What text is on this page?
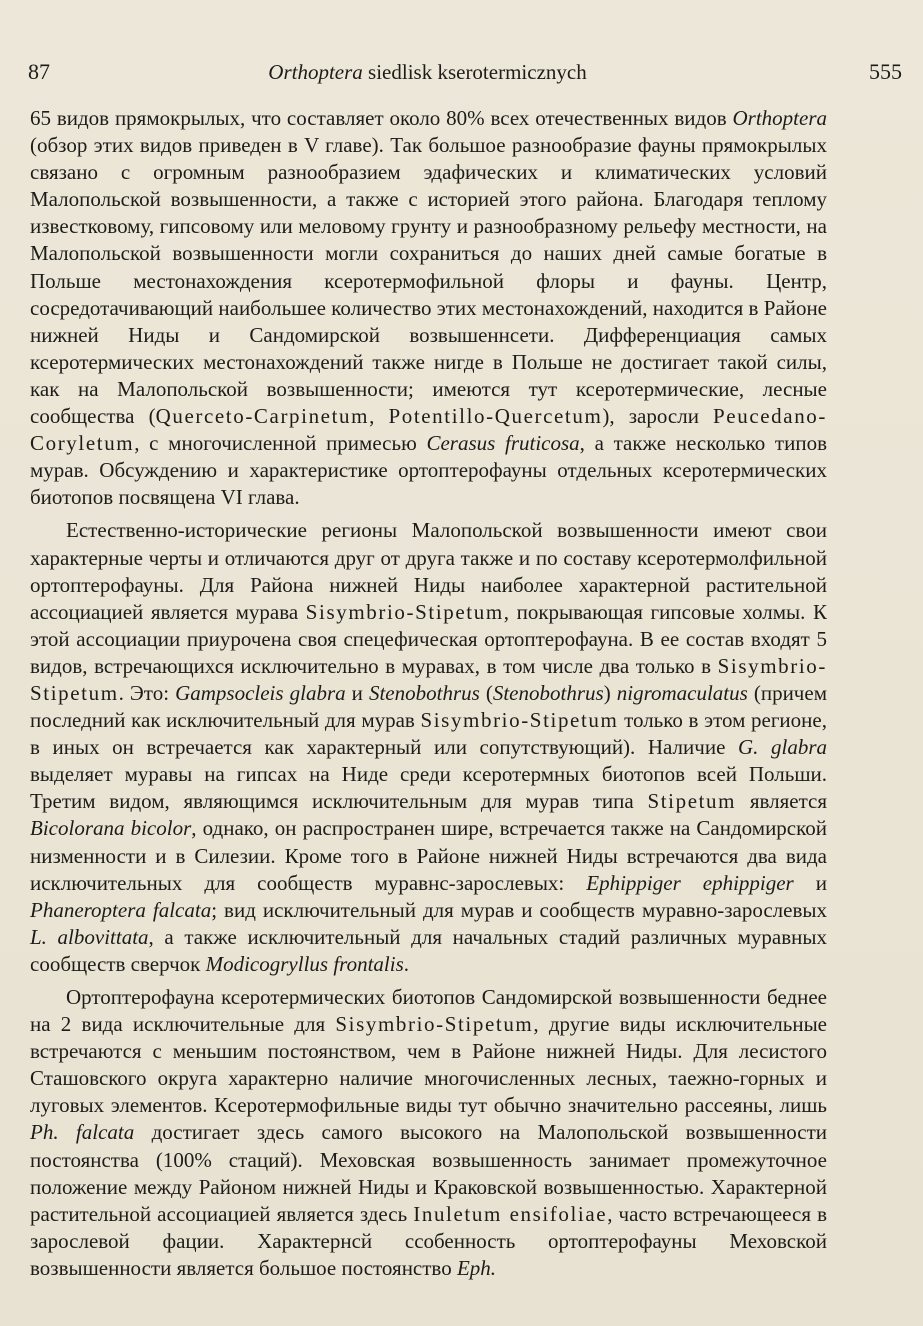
87	Orthoptera siedlisk kserotermicznych	555

65 видов прямокрылых, что составляет около 80% всех отечественных видов Orthoptera (обзор этих видов приведен в V главе). Так большое разнообразие фауны прямокрылых связано с огромным разнообразием эдафических и климатических условий Малопольской возвышенности, а также с историей этого района. Благодаря теплому известковому, гипсовому или меловому грунту и разнообразному рельефу местности, на Малопольской возвышенности могли сохраниться до наших дней самые богатые в Польше местонахождения ксеротермофильной флоры и фауны. Центр, сосредотачивающий наибольшее количество этих местонахождений, находится в Районе нижней Ниды и Сандомирской возвышеннсети. Дифференциация самых ксеротермических местонахождений также нигде в Польше не достигает такой силы, как на Малопольской возвышенности; имеются тут ксеротермические, лесные сообщества (Querceto-Carpinetum, Potentillo-Quercetum), заросли Peucedano-Coryletum, с многочисленной примесью Cerasus fruticosa, а также несколько типов мурав. Обсуждению и характеристике ортоптерофауны отдельных ксеротермических биотопов посвящена VI глава.

Естественно-исторические регионы Малопольской возвышенности имеют свои характерные черты и отличаются друг от друга также и по составу ксеротермолфильной ортоптерофауны. Для Района нижней Ниды наиболее характерной растительной ассоциацией является мурава Sisymbrio-Stipetum, покрывающая гипсовые холмы. К этой ассоциации приурочена своя спецефическая ортоптерофауна. В ее состав входят 5 видов, встречающихся исключительно в муравах, в том числе два только в Sisymbrio-Stipetum. Это: Gampsocleis glabra и Stenobothrus (Stenobothrus) nigromaculatus (причем последний как исключительный для мурав Sisymbrio-Stipetum только в этом регионе, в иных он встречается как характерный или сопутствующий). Наличие G. glabra выделяет муравы на гипсах на Ниде среди ксеротермных биотопов всей Польши. Третим видом, являющимся исключительным для мурав типа Stipetum является Bicolorana bicolor, однако, он распространен шире, встречается также на Сандомирской низменности и в Силезии. Кроме того в Районе нижней Ниды встречаются два вида исключительных для сообществ муравнс-зарослевых: Ephippiger ephippiger и Phaneroptera falcata; вид исключительный для мурав и сообществ муравно-зарослевых L. albovittata, а также исключительный для начальных стадий различных муравных сообществ сверчок Modicogryllus frontalis.

Ортоптерофауна ксеротермических биотопов Сандомирской возвышенности беднее на 2 вида исключительные для Sisymbrio-Stipetum, другие виды исключительные встречаются с меньшим постоянством, чем в Районе нижней Ниды. Для лесистого Сташовского округа характерно наличие многочисленных лесных, таежно-горных и луговых элементов. Ксеротермофильные виды тут обычно значительно рассеяны, лишь Ph. falcata достигает здесь самого высокого на Малопольской возвышенности постоянства (100% стаций). Меховская возвышенность занимает промежуточное положение между Районом нижней Ниды и Краковской возвышенностью. Характерной растительной ассоциацией является здесь Inuletum ensifoliae, часто встречающееся в зарослевой фации. Характернсй ссобенность ортоптерофауны Меховской возвышенности является большое постоянство Eph.
